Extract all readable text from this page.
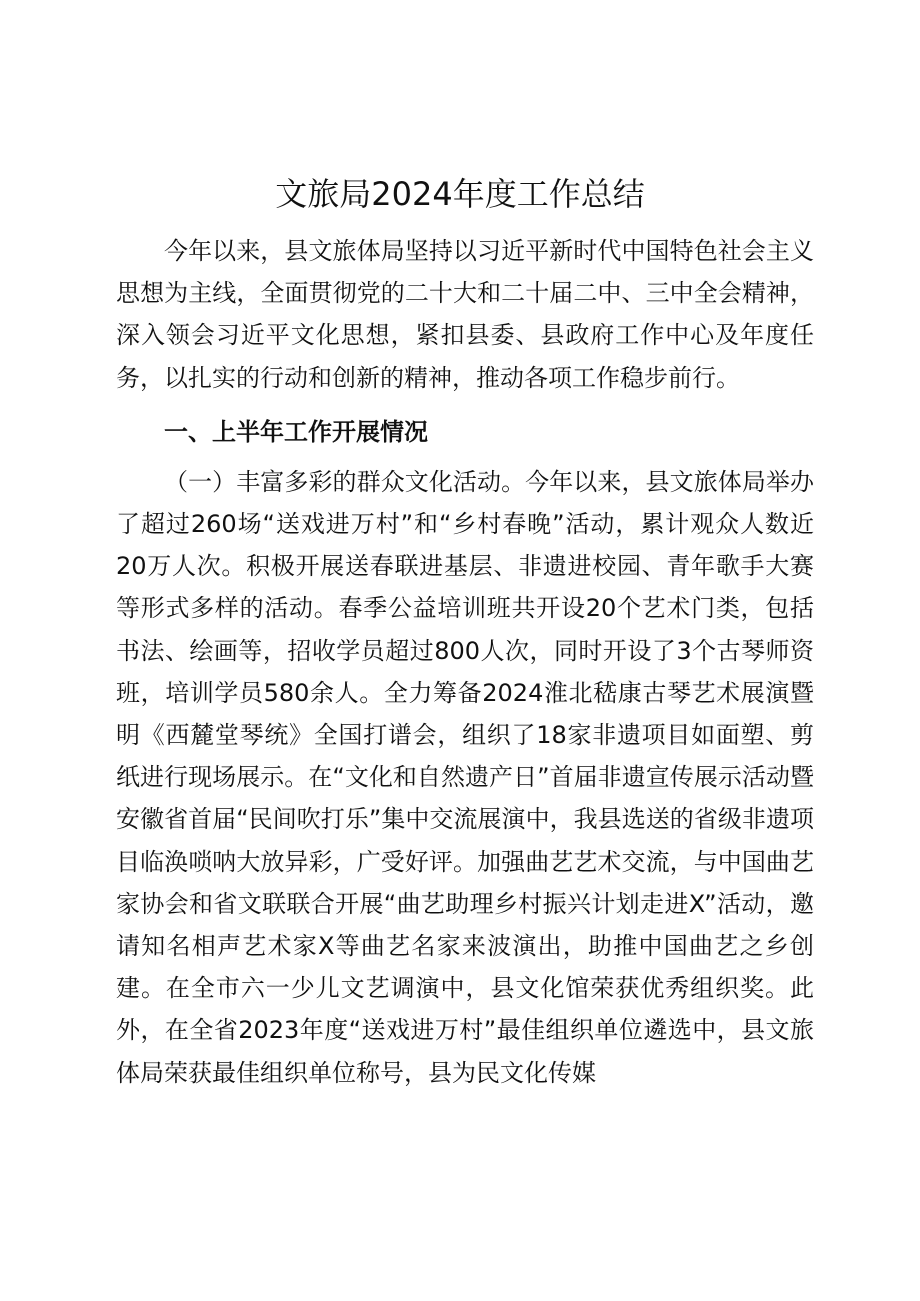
文旅局2024年度工作总结

今年以来，县文旅体局坚持以习近平新时代中国特色社会主义思想为主线，全面贯彻党的二十大和二十届二中、三中全会精神，深入领会习近平文化思想，紧扣县委、县政府工作中心及年度任务，以扎实的行动和创新的精神，推动各项工作稳步前行。

一、上半年工作开展情况

（一）丰富多彩的群众文化活动。今年以来，县文旅体局举办了超过260场“送戏进万村”和“乡村春晚”活动，累计观众人数近20万人次。积极开展送春联进基层、非遗进校园、青年歌手大赛等形式多样的活动。春季公益培训班共开设20个艺术门类，包括书法、绘画等，招收学员超过800人次，同时开设了3个古琴师资班，培训学员580余人。全力筹备2024淮北嵇康古琴艺术展演暨明《西麓堂琴统》全国打谱会，组织了18家非遗项目如面塑、剪纸进行现场展示。在“文化和自然遗产日”首届非遗宣传展示活动暨安徽省首届“民间吹打乐”集中交流展演中，我县选送的省级非遗项目临涣唢呐大放异彩，广受好评。加强曲艺艺术交流，与中国曲艺家协会和省文联联合开展“曲艺助理乡村振兴计划走进X”活动，邀请知名相声艺术家X等曲艺名家来波演出，助推中国曲艺之乡创建。在全市六一少儿文艺调演中，县文化馆荣获优秀组织奖。此外，在全省2023年度“送戏进万村”最佳组织单位遴选中，县文旅体局荣获最佳组织单位称号，县为民文化传媒
